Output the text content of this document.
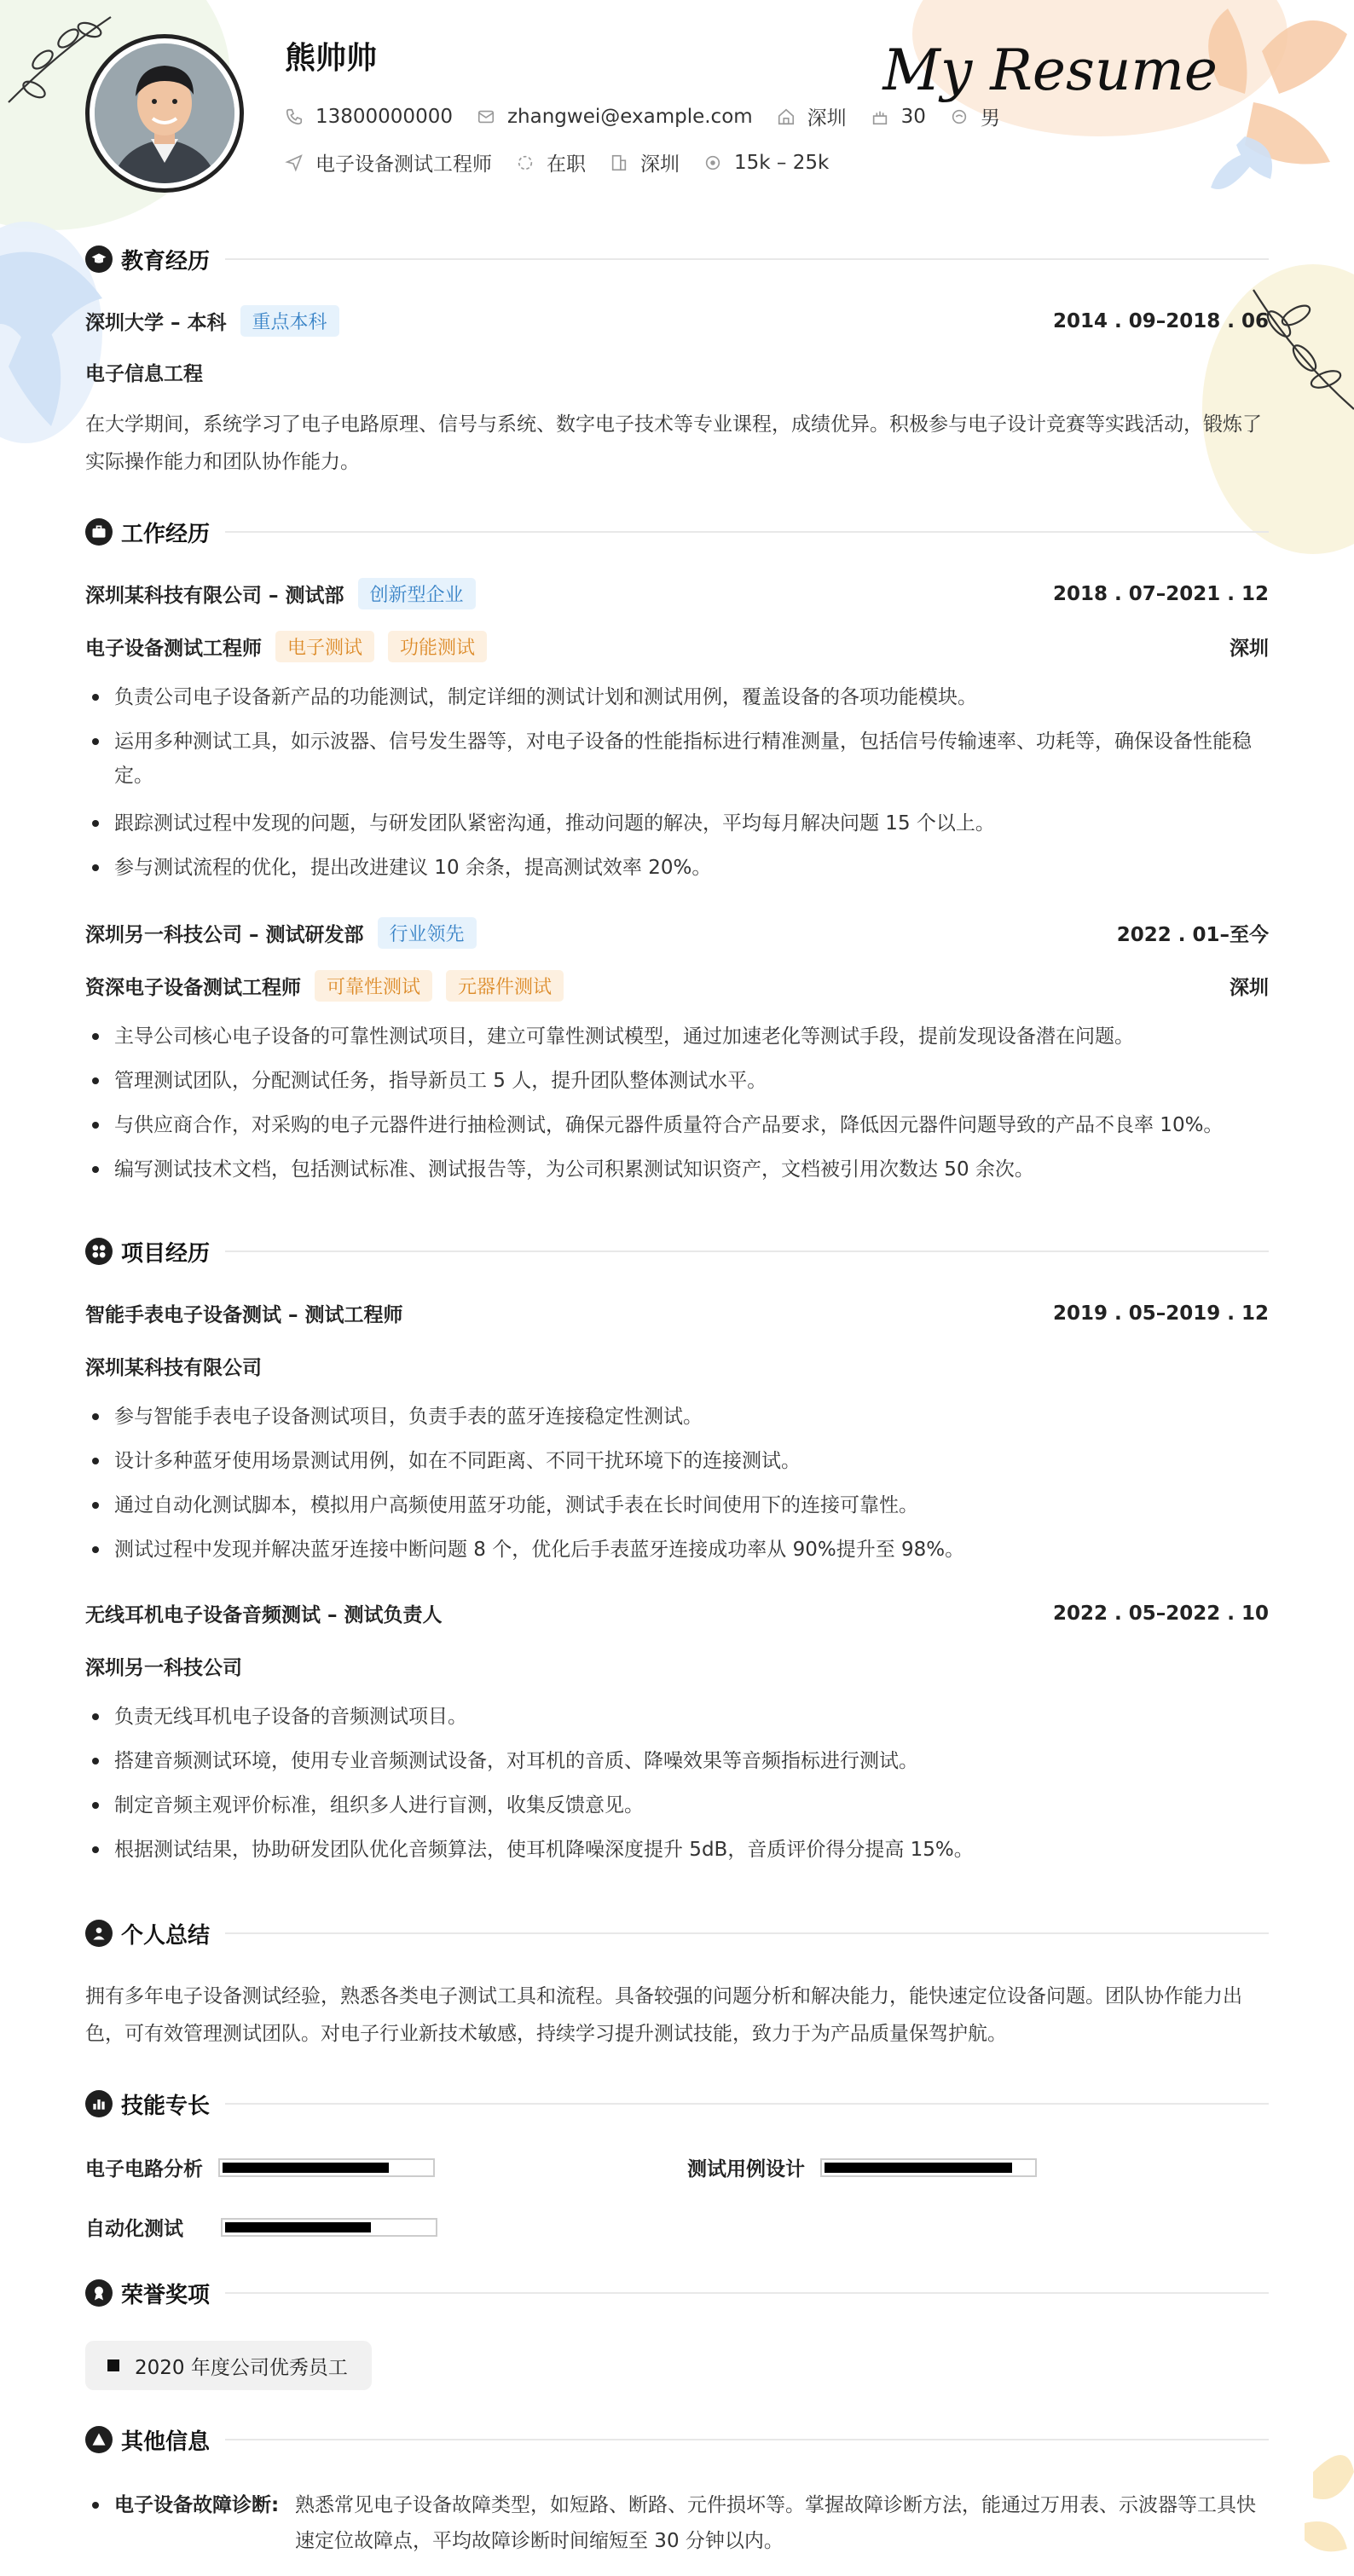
熊帅帅	My Resume
13800000000	zhangwei@example.com	深圳	30	男
电子设备测试工程师	在职	深圳	15k – 25k
教育经历
深圳大学 – 本科	重点本科	2014 . 09–2018 . 06
电子信息工程
在大学期间，系统学习了电子电路原理、信号与系统、数字电子技术等专业课程，成绩优异。积极参与电子设计竞赛等实践活动，锻炼了实际操作能力和团队协作能力。
工作经历
深圳某科技有限公司 – 测试部	创新型企业	2018 . 07–2021 . 12
电子设备测试工程师	电子测试	功能测试	深圳
负责公司电子设备新产品的功能测试，制定详细的测试计划和测试用例，覆盖设备的各项功能模块。
运用多种测试工具，如示波器、信号发生器等，对电子设备的性能指标进行精准测量，包括信号传输速率、功耗等，确保设备性能稳定。
跟踪测试过程中发现的问题，与研发团队紧密沟通，推动问题的解决，平均每月解决问题 15 个以上。
参与测试流程的优化，提出改进建议 10 余条，提高测试效率 20%。
深圳另一科技公司 – 测试研发部	行业领先	2022 . 01–至今
资深电子设备测试工程师	可靠性测试	元器件测试	深圳
主导公司核心电子设备的可靠性测试项目，建立可靠性测试模型，通过加速老化等测试手段，提前发现设备潜在问题。
管理测试团队，分配测试任务，指导新员工 5 人，提升团队整体测试水平。
与供应商合作，对采购的电子元器件进行抽检测试，确保元器件质量符合产品要求，降低因元器件问题导致的产品不良率 10%。
编写测试技术文档，包括测试标准、测试报告等，为公司积累测试知识资产，文档被引用次数达 50 余次。
项目经历
智能手表电子设备测试 – 测试工程师	2019 . 05–2019 . 12
深圳某科技有限公司
参与智能手表电子设备测试项目，负责手表的蓝牙连接稳定性测试。
设计多种蓝牙使用场景测试用例，如在不同距离、不同干扰环境下的连接测试。
通过自动化测试脚本，模拟用户高频使用蓝牙功能，测试手表在长时间使用下的连接可靠性。
测试过程中发现并解决蓝牙连接中断问题 8 个，优化后手表蓝牙连接成功率从 90%提升至 98%。
无线耳机电子设备音频测试 – 测试负责人	2022 . 05–2022 . 10
深圳另一科技公司
负责无线耳机电子设备的音频测试项目。
搭建音频测试环境，使用专业音频测试设备，对耳机的音质、降噪效果等音频指标进行测试。
制定音频主观评价标准，组织多人进行盲测，收集反馈意见。
根据测试结果，协助研发团队优化音频算法，使耳机降噪深度提升 5dB，音质评价得分提高 15%。
个人总结
拥有多年电子设备测试经验，熟悉各类电子测试工具和流程。具备较强的问题分析和解决能力，能快速定位设备问题。团队协作能力出色，可有效管理测试团队。对电子行业新技术敏感，持续学习提升测试技能，致力于为产品质量保驾护航。
技能专长
电子电路分析	测试用例设计
自动化测试
荣誉奖项
2020 年度公司优秀员工
其他信息
电子设备故障诊断: 熟悉常见电子设备故障类型，如短路、断路、元件损坏等。掌握故障诊断方法，能通过万用表、示波器等工具快速定位故障点，平均故障诊断时间缩短至 30 分钟以内。
